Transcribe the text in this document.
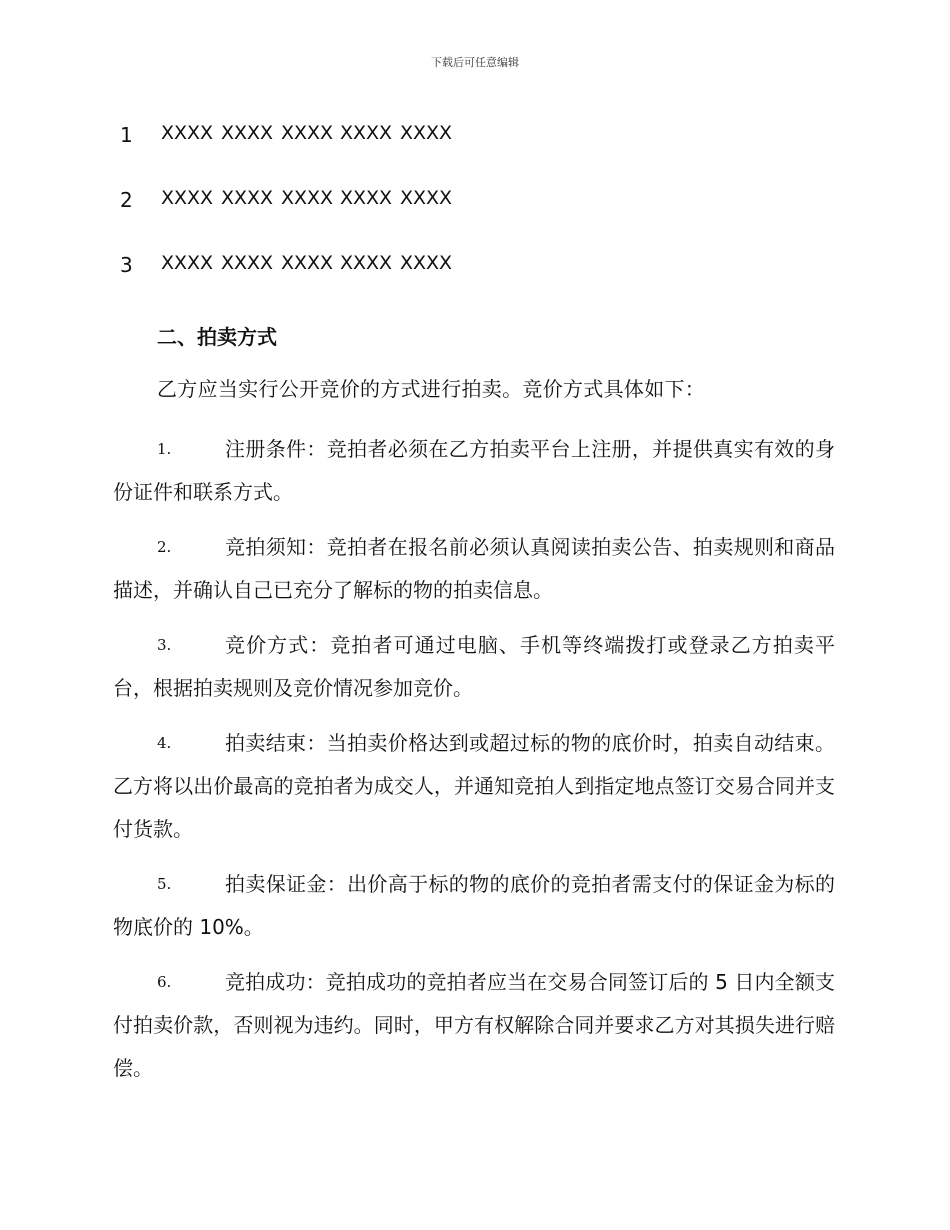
下载后可任意编辑
1 XXXX XXXX XXXX XXXX XXXX
2 XXXX XXXX XXXX XXXX XXXX
3 XXXX XXXX XXXX XXXX XXXX
二、拍卖方式
乙方应当实行公开竞价的方式进行拍卖。竞价方式具体如下：
1.	注册条件：竞拍者必须在乙方拍卖平台上注册，并提供真实有效的身份证件和联系方式。
2.	竞拍须知：竞拍者在报名前必须认真阅读拍卖公告、拍卖规则和商品描述，并确认自己已充分了解标的物的拍卖信息。
3.	竞价方式：竞拍者可通过电脑、手机等终端拨打或登录乙方拍卖平台，根据拍卖规则及竞价情况参加竞价。
4.	拍卖结束：当拍卖价格达到或超过标的物的底价时，拍卖自动结束。乙方将以出价最高的竞拍者为成交人，并通知竞拍人到指定地点签订交易合同并支付货款。
5.	拍卖保证金：出价高于标的物的底价的竞拍者需支付的保证金为标的物底价的 10%。
6.	竞拍成功：竞拍成功的竞拍者应当在交易合同签订后的 5 日内全额支付拍卖价款，否则视为违约。同时，甲方有权解除合同并要求乙方对其损失进行赔偿。
